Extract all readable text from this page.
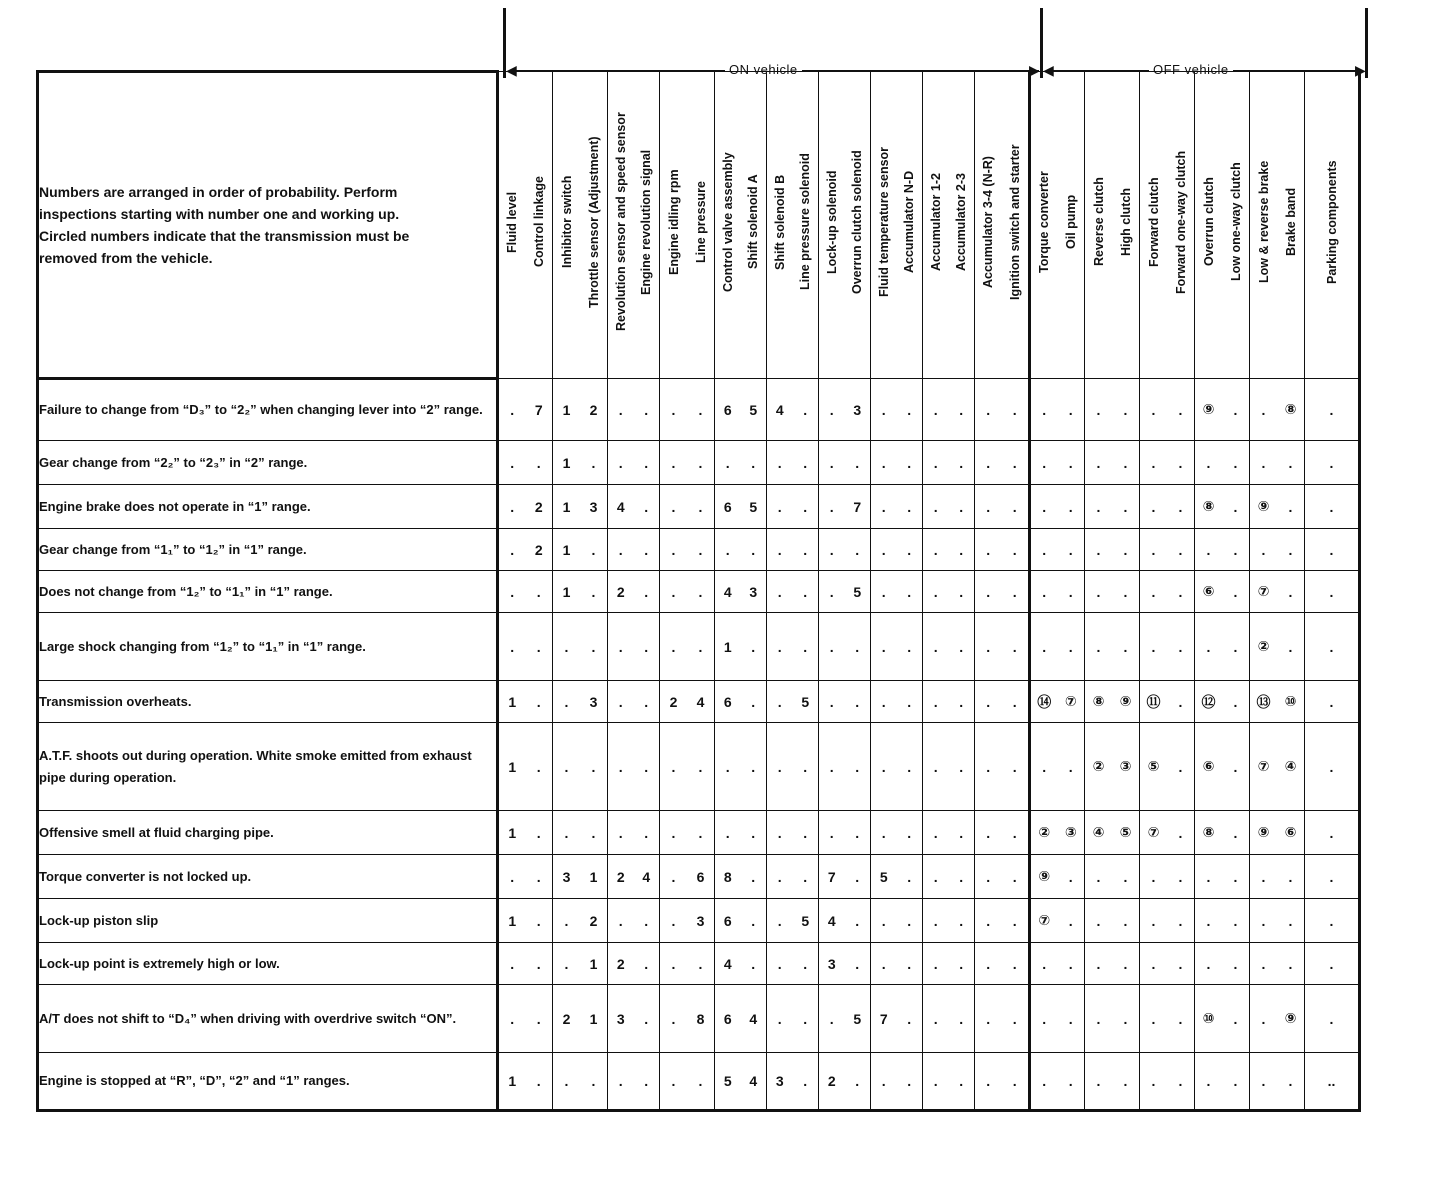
◀	▶
ON vehicle	◀	▶
OFF vehicle
Numbers are arranged in order of probability. Perform inspections starting with number one and working up. Circled numbers indicate that the transmission must be removed from the vehicle.	Fluid level Control linkage	Inhibitor switch Throttle sensor (Adjustment)	Revolution sensor and speed sensor Engine revolution signal	Engine idling rpm Line pressure	Control valve assembly Shift solenoid A	Shift solenoid B Line pressure solenoid	Lock-up solenoid Overrun clutch solenoid	Fluid temperature sensor Accumulator N-D	Accumulator 1-2 Accumulator 2-3	Accumulator 3-4 (N-R) Ignition switch and starter	Torque converter Oil pump	Reverse clutch High clutch	Forward clutch Forward one-way clutch	Overrun clutch Low one-way clutch	Low & reverse brake Brake band	Parking components

Failure to change from “D₃” to “2₂” when changing lever into “2” range.	. 7	1 2	. .	. .	6 5	4 .	. 3	. .	. .	. .	. .	. .	. .	⑨ .	. ⑧	.

Gear change from “2₂” to “2₃” in “2” range.	. .	1 .	. .	. .	. .	. .	. .	. .	. .	. .	. .	. .	. .	. .	. .	.

Engine brake does not operate in “1” range.	. 2	1 3	4 .	. .	6 5	. .	. 7	. .	. .	. .	. .	. .	. .	⑧ .	⑨ .	.

Gear change from “1₁” to “1₂” in “1” range.	. 2	1 .	. .	. .	. .	. .	. .	. .	. .	. .	. .	. .	. .	. .	. .	.

Does not change from “1₂” to “1₁” in “1” range.	. .	1 .	2 .	. .	4 3	. .	. 5	. .	. .	. .	. .	. .	. .	⑥ .	⑦ .	.

Large shock changing from “1₂” to “1₁” in “1” range.	. .	. .	. .	. .	1 .	. .	. .	. .	. .	. .	. .	. .	. .	. .	② .	.

Transmission overheats.	1 .	. 3	. .	2 4	6 .	. 5	. .	. .	. .	. .	⑭ ⑦	⑧ ⑨	⑪ .	⑫ .	⑬ ⑩	.

A.T.F. shoots out during operation. White smoke emitted from exhaust pipe during operation.	1 .	. .	. .	. .	. .	. .	. .	. .	. .	. .	. .	② ③	⑤ .	⑥ .	⑦ ④	.

Offensive smell at fluid charging pipe.	1 .	. .	. .	. .	. .	. .	. .	. .	. .	. .	② ③	④ ⑤	⑦ .	⑧ .	⑨ ⑥	.

Torque converter is not locked up.	. .	3 1	2 4	. 6	8 .	. .	7 .	5 .	. .	. .	⑨ .	. .	. .	. .	. .	.

Lock-up piston slip	1 .	. 2	. .	. 3	6 .	. 5	4 .	. .	. .	. .	⑦ .	. .	. .	. .	. .	.

Lock-up point is extremely high or low.	. .	. 1	2 .	. .	4 .	. .	3 .	. .	. .	. .	. .	. .	. .	. .	. .	.

A/T does not shift to “D₄” when driving with overdrive switch “ON”.	. .	2 1	3 .	. 8	6 4	. .	. 5	7 .	. .	. .	. .	. .	. .	⑩ .	. ⑨	.

Engine is stopped at “R”, “D”, “2” and “1” ranges.	1 .	. .	. .	. .	5 4	3 .	2 .	. .	. .	. .	. .	. .	. .	. .	. .	..
